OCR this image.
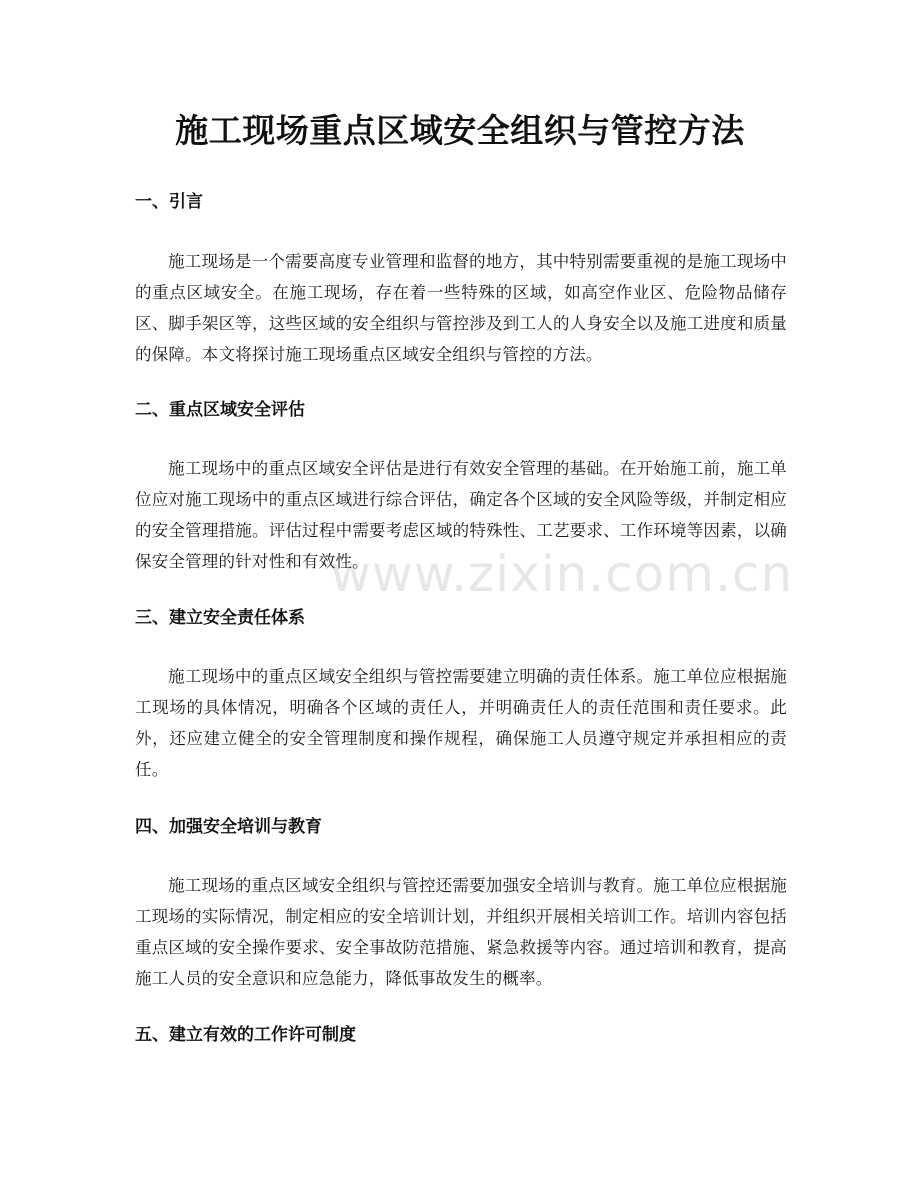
施工现场重点区域安全组织与管控方法
www.zixin.com.cn
一、引言

施工现场是一个需要高度专业管理和监督的地方，其中特别需要重视的是施工现场中的重点区域安全。在施工现场，存在着一些特殊的区域，如高空作业区、危险物品储存区、脚手架区等，这些区域的安全组织与管控涉及到工人的人身安全以及施工进度和质量的保障。本文将探讨施工现场重点区域安全组织与管控的方法。

二、重点区域安全评估

施工现场中的重点区域安全评估是进行有效安全管理的基础。在开始施工前，施工单位应对施工现场中的重点区域进行综合评估，确定各个区域的安全风险等级，并制定相应的安全管理措施。评估过程中需要考虑区域的特殊性、工艺要求、工作环境等因素，以确保安全管理的针对性和有效性。

三、建立安全责任体系

施工现场中的重点区域安全组织与管控需要建立明确的责任体系。施工单位应根据施工现场的具体情况，明确各个区域的责任人，并明确责任人的责任范围和责任要求。此外，还应建立健全的安全管理制度和操作规程，确保施工人员遵守规定并承担相应的责任。

四、加强安全培训与教育

施工现场的重点区域安全组织与管控还需要加强安全培训与教育。施工单位应根据施工现场的实际情况，制定相应的安全培训计划，并组织开展相关培训工作。培训内容包括重点区域的安全操作要求、安全事故防范措施、紧急救援等内容。通过培训和教育，提高施工人员的安全意识和应急能力，降低事故发生的概率。

五、建立有效的工作许可制度
